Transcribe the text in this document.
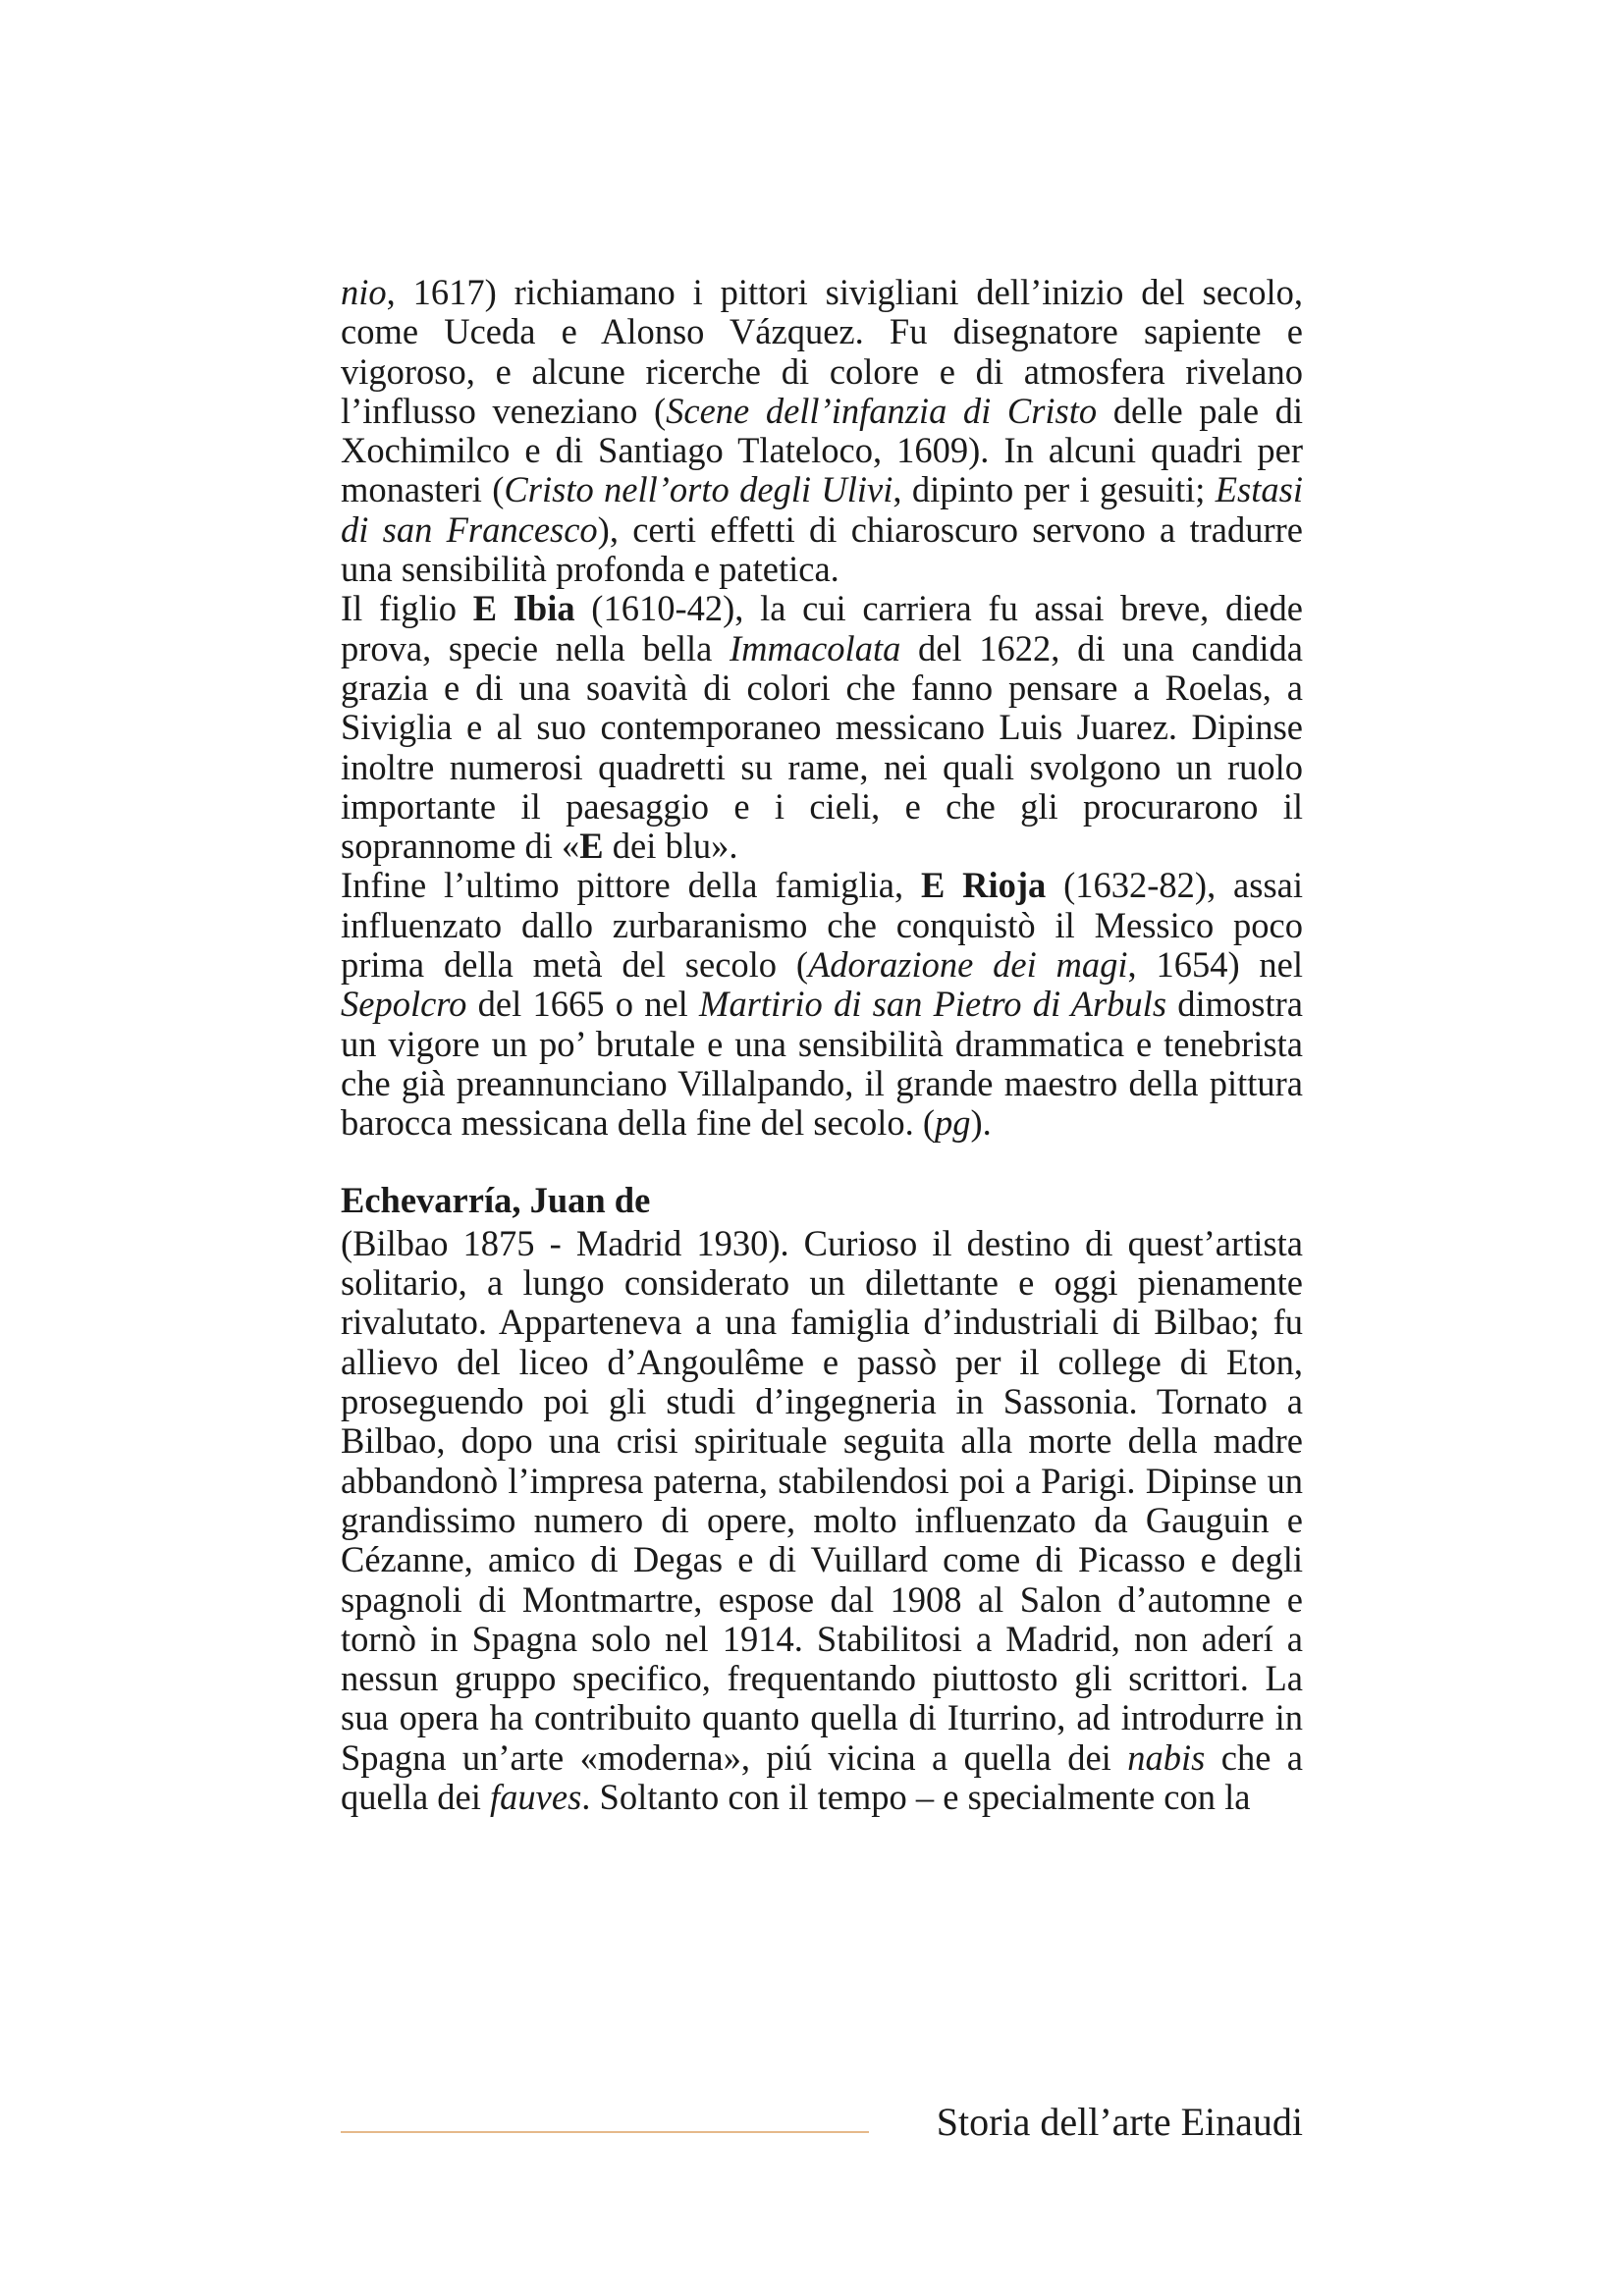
nio, 1617) richiamano i pittori sivigliani dell’inizio del secolo, come Uceda e Alonso Vázquez. Fu disegnatore sapiente e vigoroso, e alcune ricerche di colore e di atmosfera rivelano l’influsso veneziano (Scene dell’infanzia di Cristo delle pale di Xochimilco e di Santiago Tlateloco, 1609). In alcuni quadri per monasteri (Cristo nell’orto degli Ulivi, dipinto per i gesuiti; Estasi di san Francesco), certi effetti di chiaroscuro servono a tradurre una sensibilità profonda e patetica.

Il figlio E Ibia (1610-42), la cui carriera fu assai breve, diede prova, specie nella bella Immacolata del 1622, di una candida grazia e di una soavità di colori che fanno pensare a Roelas, a Siviglia e al suo contemporaneo messicano Luis Juarez. Dipinse inoltre numerosi quadretti su rame, nei quali svolgono un ruolo importante il paesaggio e i cieli, e che gli procurarono il soprannome di «E dei blu».

Infine l’ultimo pittore della famiglia, E Rioja (1632-82), assai influenzato dallo zurbaranismo che conquistò il Messico poco prima della metà del secolo (Adorazione dei magi, 1654) nel Sepolcro del 1665 o nel Martirio di san Pietro di Arbuls dimostra un vigore un po’ brutale e una sensibilità drammatica e tenebrista che già preannunciano Villalpando, il grande maestro della pittura barocca messicana della fine del secolo. (pg).

Echevarría, Juan de

(Bilbao 1875 - Madrid 1930). Curioso il destino di quest’artista solitario, a lungo considerato un dilettante e oggi pienamente rivalutato. Apparteneva a una famiglia d’industriali di Bilbao; fu allievo del liceo d’Angoulême e passò per il college di Eton, proseguendo poi gli studi d’ingegneria in Sassonia. Tornato a Bilbao, dopo una crisi spirituale seguita alla morte della madre abbandonò l’impresa paterna, stabilendosi poi a Parigi. Dipinse un grandissimo numero di opere, molto influenzato da Gauguin e Cézanne, amico di Degas e di Vuillard come di Picasso e degli spagnoli di Montmartre, espose dal 1908 al Salon d’automne e tornò in Spagna solo nel 1914. Stabilitosi a Madrid, non aderí a nessun gruppo specifico, frequentando piuttosto gli scrittori. La sua opera ha contribuito quanto quella di Iturrino, ad introdurre in Spagna un’arte «moderna», piú vicina a quella dei nabis che a quella dei fauves. Soltanto con il tempo – e specialmente con la

Storia dell’arte Einaudi
